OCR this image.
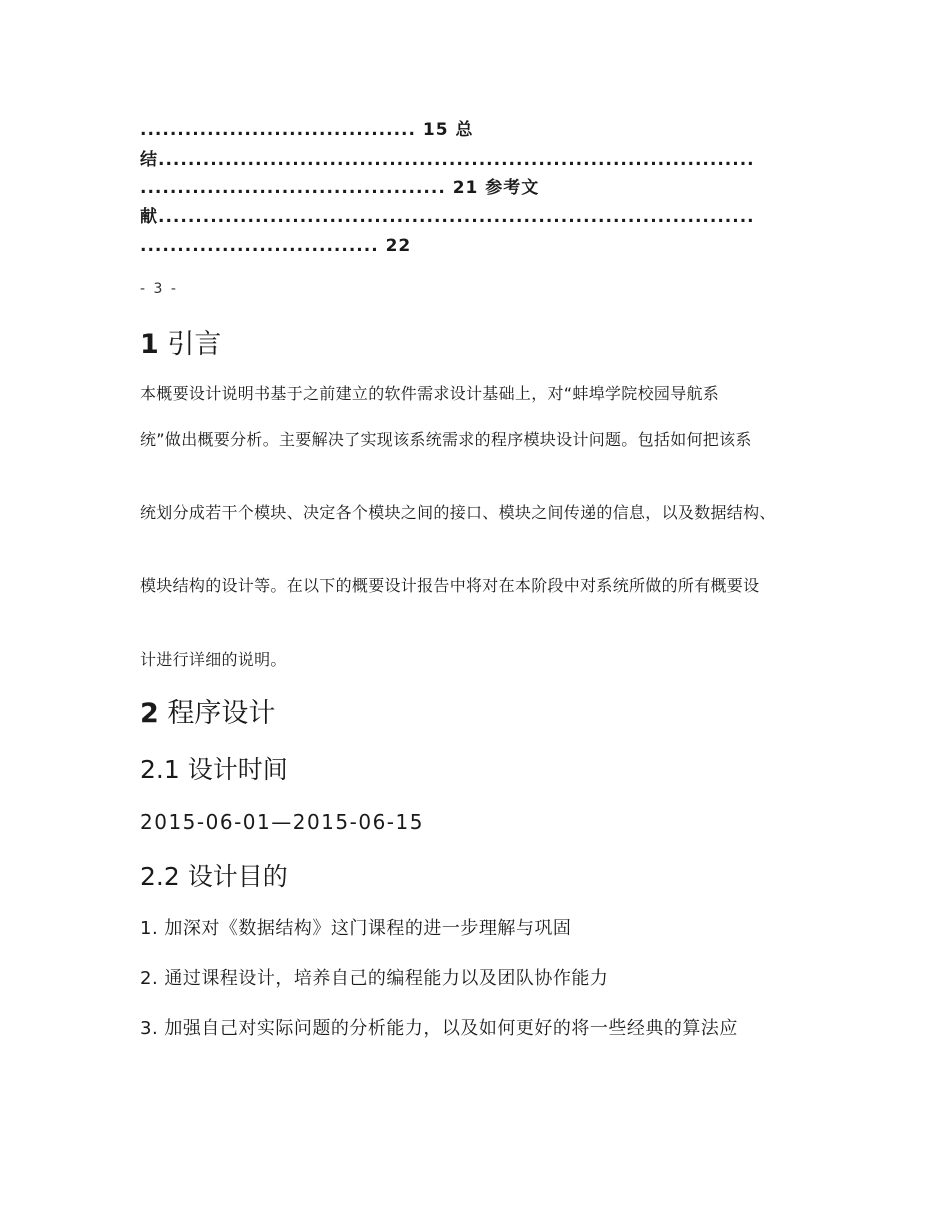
..................................... 15 总
结................................................................................
......................................... 21 参考文
献................................................................................
................................ 22
- 3 -
1 引言
本概要设计说明书基于之前建立的软件需求设计基础上，对“蚌埠学院校园导航系
统”做出概要分析。主要解决了实现该系统需求的程序模块设计问题。包括如何把该系
统划分成若干个模块、决定各个模块之间的接口、模块之间传递的信息，以及数据结构、
模块结构的设计等。在以下的概要设计报告中将对在本阶段中对系统所做的所有概要设
计进行详细的说明。
2 程序设计
2.1 设计时间
2015-06-01—2015-06-15
2.2 设计目的
1. 加深对《数据结构》这门课程的进一步理解与巩固
2. 通过课程设计，培养自己的编程能力以及团队协作能力
3. 加强自己对实际问题的分析能力，以及如何更好的将一些经典的算法应
